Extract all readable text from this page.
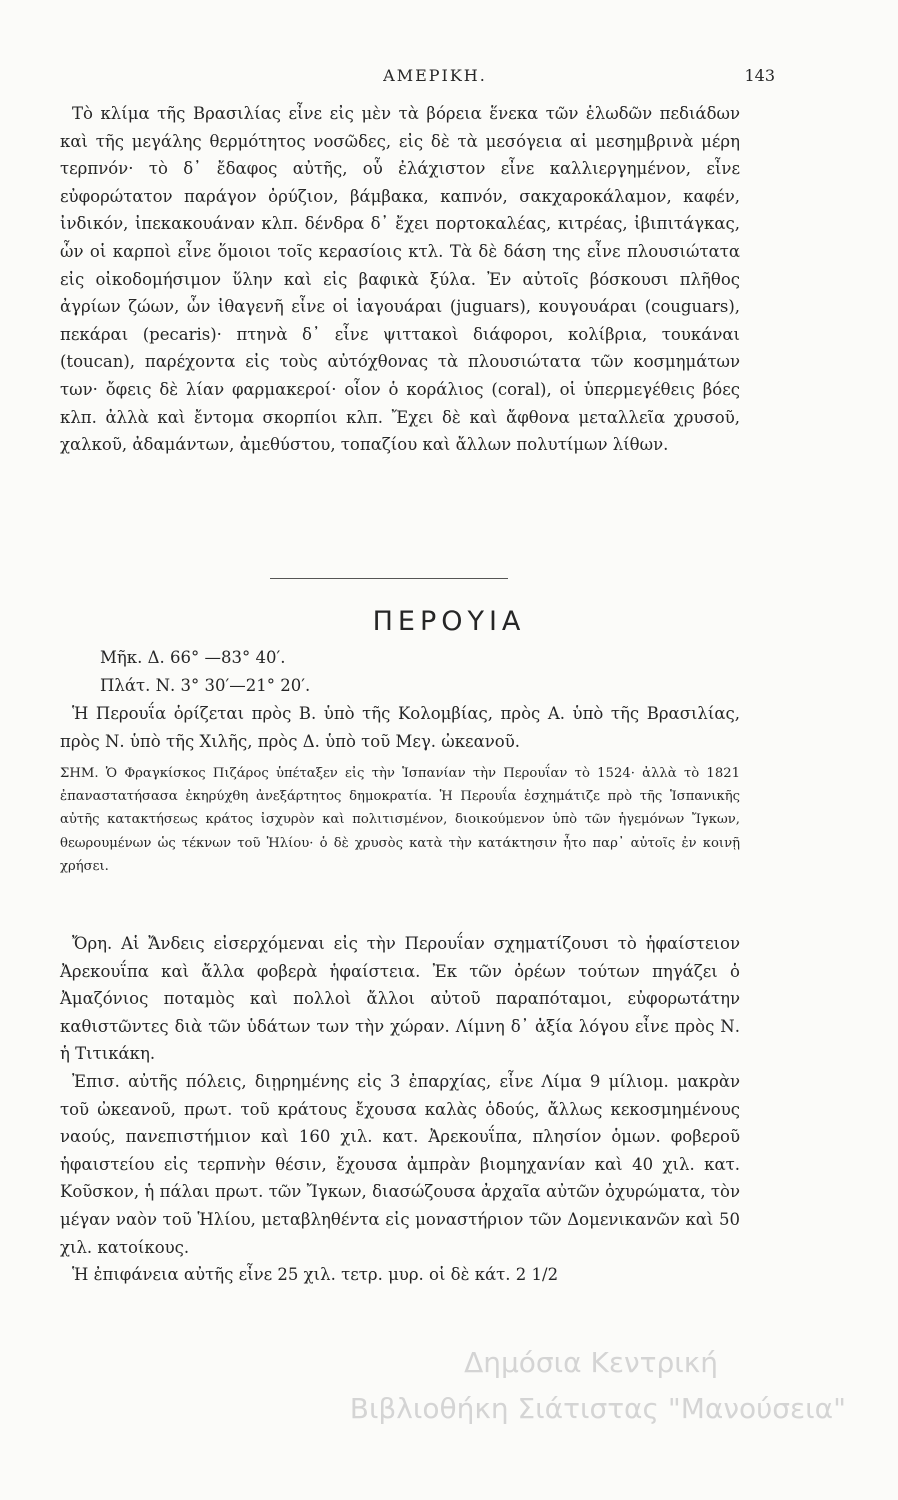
ΑΜΕΡΙΚΗ.	143

Τὸ κλίμα τῆς Βρασιλίας εἶνε εἰς μὲν τὰ βόρεια ἕνεκα τῶν ἑλωδῶν πεδιάδων καὶ τῆς μεγάλης θερμότητος νοσῶδες, εἰς δὲ τὰ μεσόγεια αἱ μεσημβρινὰ μέρη τερπνόν· τὸ δ᾽ ἔδαφος αὐτῆς, οὗ ἐλάχιστον εἶνε καλλιεργημένον, εἶνε εὐφορώτατον παράγον ὀρύζιον, βάμβακα, καπνόν, σακχαροκάλαμον, καφέν, ἰνδικόν, ἰπεκακουάναν κλπ. δένδρα δ᾽ ἔχει πορτοκαλέας, κιτρέας, ἰβιπιτάγκας, ὧν οἱ καρποὶ εἶνε ὅμοιοι τοῖς κερασίοις κτλ. Τὰ δὲ δάση της εἶνε πλουσιώτατα εἰς οἰκοδομήσιμον ὕλην καὶ εἰς βαφικὰ ξύλα. Ἐν αὐτοῖς βόσκουσι πλῆθος ἀγρίων ζώων, ὧν ἰθαγενῆ εἶνε οἱ ἰαγουάραι (juguars), κουγουάραι (couguars), πεκάραι (pecaris)· πτηνὰ δ᾽ εἶνε ψιττακοὶ διάφοροι, κολίβρια, τουκάναι (toucan), παρέχοντα εἰς τοὺς αὐτόχθονας τὰ πλουσιώτατα τῶν κοσμημάτων των· ὄφεις δὲ λίαν φαρμακεροί· οἷον ὁ κοράλιος (coral), οἱ ὑπερμεγέθεις βόες κλπ. ἀλλὰ καὶ ἔντομα σκορπίοι κλπ. Ἔχει δὲ καὶ ἄφθονα μεταλλεῖα χρυσοῦ, χαλκοῦ, ἀδαμάντων, ἀμεθύστου, τοπαζίου καὶ ἄλλων πολυτίμων λίθων.

ΠΕΡΟΥΙΑ
Μῆκ. Δ. 66° —83° 40′.
Πλάτ. Ν. 3° 30′—21° 20′.

Ἡ Περουΐα ὁρίζεται πρὸς Β. ὑπὸ τῆς Κολομβίας, πρὸς Α. ὑπὸ τῆς Βρασιλίας, πρὸς Ν. ὑπὸ τῆς Χιλῆς, πρὸς Δ. ὑπὸ τοῦ Μεγ. ὠκεανοῦ.

ΣΗΜ. Ὁ Φραγκίσκος Πιζάρος ὑπέταξεν εἰς τὴν Ἱσπανίαν τὴν Περουΐαν τὸ 1524· ἀλλὰ τὸ 1821 ἐπαναστατήσασα ἐκηρύχθη ἀνεξάρτητος δημοκρατία. Ἡ Περουΐα ἐσχημάτιζε πρὸ τῆς Ἱσπανικῆς αὐτῆς κατακτήσεως κράτος ἰσχυρὸν καὶ πολιτισμένον, διοικούμενον ὑπὸ τῶν ἡγεμόνων Ἴγκων, θεωρουμένων ὡς τέκνων τοῦ Ἡλίου· ὁ δὲ χρυσὸς κατὰ τὴν κατάκτησιν ἦτο παρ᾽ αὐτοῖς ἐν κοινῇ χρήσει.

Ὄρη. Αἱ Ἄνδεις εἰσερχόμεναι εἰς τὴν Περουΐαν σχηματίζουσι τὸ ἡφαίστειον Ἀρεκουΐπα καὶ ἄλλα φοβερὰ ἡφαίστεια. Ἐκ τῶν ὀρέων τούτων πηγάζει ὁ Ἀμαζόνιος ποταμὸς καὶ πολλοὶ ἄλλοι αὐτοῦ παραπόταμοι, εὐφορωτάτην καθιστῶντες διὰ τῶν ὑδάτων των τὴν χώραν. Λίμνη δ᾽ ἀξία λόγου εἶνε πρὸς Ν. ἡ Τιτικάκη.

Ἐπισ. αὐτῆς πόλεις, διῃρημένης εἰς 3 ἐπαρχίας, εἶνε Λίμα 9 μίλιομ. μακρὰν τοῦ ὠκεανοῦ, πρωτ. τοῦ κράτους ἔχουσα καλὰς ὁδούς, ἄλλως κεκοσμημένους ναούς, πανεπιστήμιον καὶ 160 χιλ. κατ. Ἀρεκουΐπα, πλησίον ὁμων. φοβεροῦ ἡφαιστείου εἰς τερπνὴν θέσιν, ἔχουσα ἀμπρὰν βιομηχανίαν καὶ 40 χιλ. κατ. Κοῦσκον, ἡ πάλαι πρωτ. τῶν Ἴγκων, διασώζουσα ἀρχαῖα αὐτῶν ὀχυρώματα, τὸν μέγαν ναὸν τοῦ Ἡλίου, μεταβληθέντα εἰς μοναστήριον τῶν Δομενικανῶν καὶ 50 χιλ. κατοίκους.

Ἡ ἐπιφάνεια αὐτῆς εἶνε 25 χιλ. τετρ. μυρ. οἱ δὲ κάτ. 2 1/2

Δημόσια Κεντρική
Βιβλιοθήκη Σιάτιστας "Μανούσεια"
